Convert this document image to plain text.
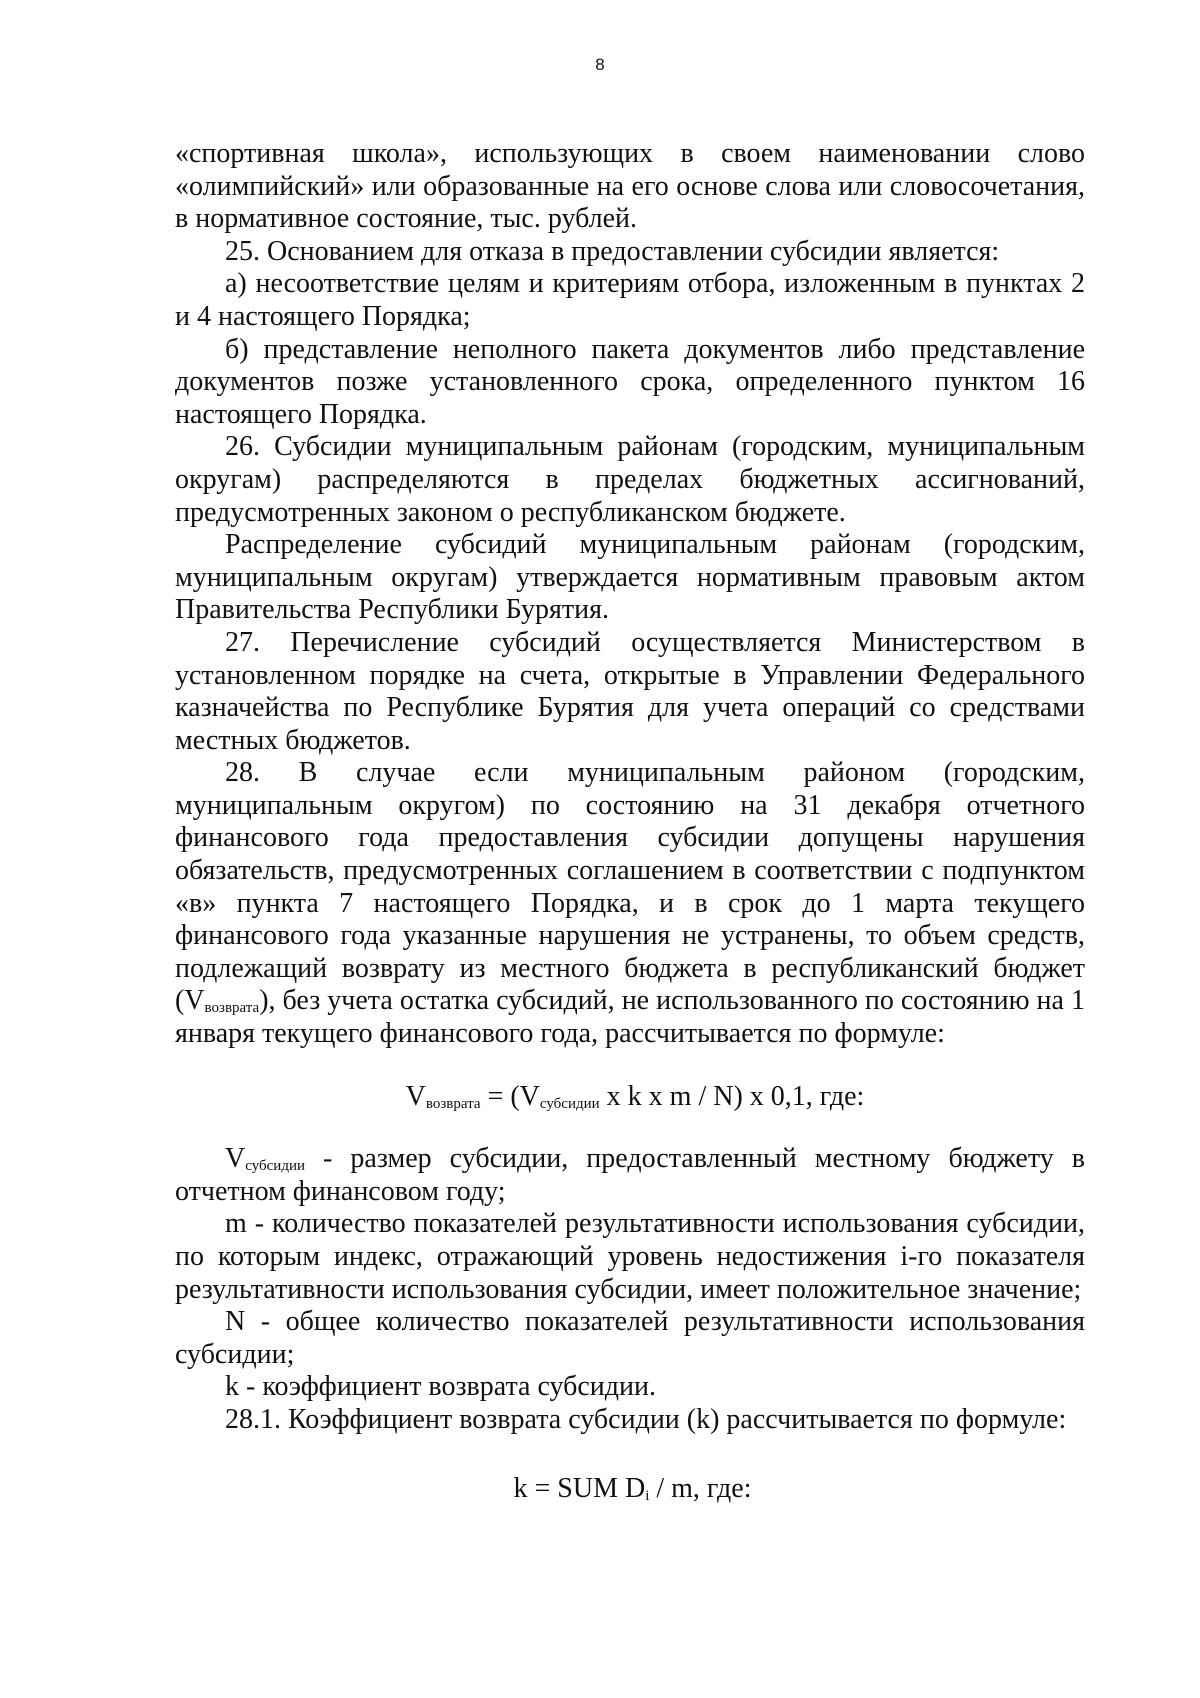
8

«спортивная школа», использующих в своем наименовании слово «олимпийский» или образованные на его основе слова или словосочетания, в нормативное состояние, тыс. рублей.

25. Основанием для отказа в предоставлении субсидии является:

а) несоответствие целям и критериям отбора, изложенным в пунктах 2 и 4 настоящего Порядка;

б) представление неполного пакета документов либо представление документов позже установленного срока, определенного пунктом 16 настоящего Порядка.

26. Субсидии муниципальным районам (городским, муниципальным округам) распределяются в пределах бюджетных ассигнований, предусмотренных законом о республиканском бюджете.

Распределение субсидий муниципальным районам (городским, муниципальным округам) утверждается нормативным правовым актом Правительства Республики Бурятия.

27. Перечисление субсидий осуществляется Министерством в установленном порядке на счета, открытые в Управлении Федерального казначейства по Республике Бурятия для учета операций со средствами местных бюджетов.

28. В случае если муниципальным районом (городским, муниципальным округом) по состоянию на 31 декабря отчетного финансового года предоставления субсидии допущены нарушения обязательств, предусмотренных соглашением в соответствии с подпунктом «в» пункта 7 настоящего Порядка, и в срок до 1 марта текущего финансового года указанные нарушения не устранены, то объем средств, подлежащий возврату из местного бюджета в республиканский бюджет $(V_{возврата})$, без учета остатка субсидий, не использованного по состоянию на 1 января текущего финансового года, рассчитывается по формуле:

$V_{возврата} = (V_{субсидии}$ x k x m / N) x 0,1, где:

$V_{субсидии}$ - размер субсидии, предоставленный местному бюджету в отчетном финансовом году;

m - количество показателей результативности использования субсидии, по которым индекс, отражающий уровень недостижения i-го показателя результативности использования субсидии, имеет положительное значение;

N - общее количество показателей результативности использования субсидии;

k - коэффициент возврата субсидии.

28.1. Коэффициент возврата субсидии (k) рассчитывается по формуле:

k = SUM $D_i$ / m, где:
